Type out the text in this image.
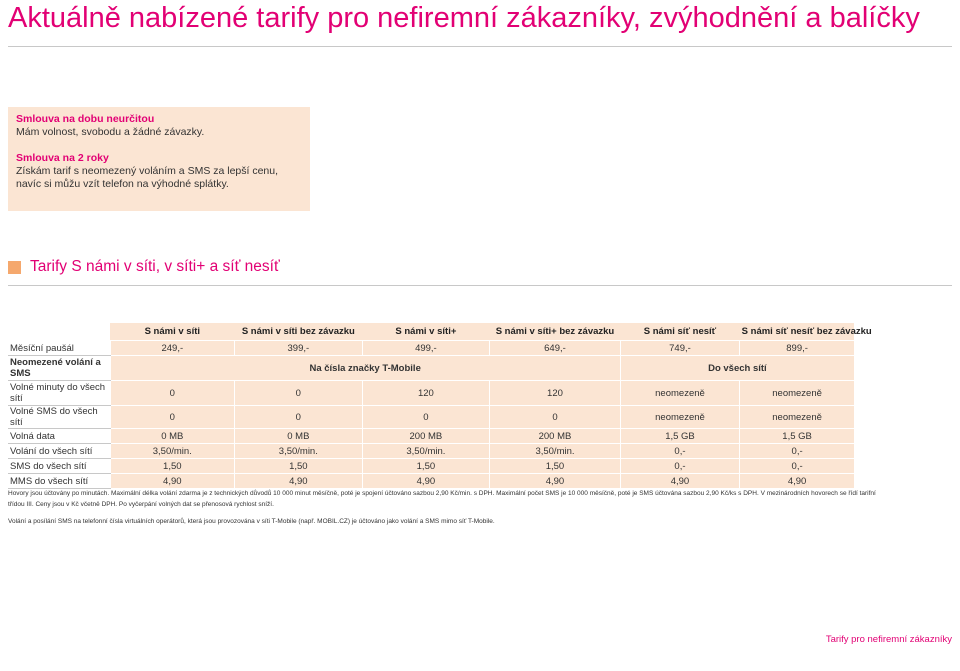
Aktuálně nabízené tarify pro nefiremní zákazníky, zvýhodnění a balíčky
Smlouva na dobu neurčitou
Mám volnost, svobodu a žádné závazky.
Smlouva na 2 roky
Získám tarif s neomezený voláním a SMS za lepší cenu, navíc si můžu vzít telefon na výhodné splátky.
Tarify S námi v síti, v síti+ a síť nesíť
	S námi v síti	S námi v síti bez závazku	S námi v síti+	S námi v síti+ bez závazku	S námi síť nesíť	S námi síť nesíť bez závazku
Měsíční paušál	249,-	399,-	499,-	649,-	749,-	899,-
Neomezené volání a SMS	Na čísla značky T-Mobile				Do všech sítí	
Volné minuty do všech sítí	0	0	120	120	neomezeně	neomezeně
Volné SMS do všech sítí	0	0	0	0	neomezeně	neomezeně
Volná data	0 MB	0 MB	200 MB	200 MB	1,5 GB	1,5 GB
Volání do všech sítí	3,50/min.	3,50/min.	3,50/min.	3,50/min.	0,-	0,-
SMS do všech sítí	1,50	1,50	1,50	1,50	0,-	0,-
MMS do všech sítí	4,90	4,90	4,90	4,90	4,90	4,90

Hovory jsou účtovány po minutách. Maximální délka volání zdarma je z technických důvodů 10 000 minut měsíčně, poté je spojení účtováno sazbou 2,90 Kč/min. s DPH. Maximální počet SMS je 10 000 měsíčně, poté je SMS účtována sazbou 2,90 Kč/ks s DPH. V mezinárodních hovorech se řídí tarifní třídou III. Ceny jsou v Kč včetně DPH. Po vyčerpání volných dat se přenosová rychlost sníží.

Volání a posílání SMS na telefonní čísla virtuálních operátorů, která jsou provozována v síti T-Mobile (např. MOBIL.CZ) je účtováno jako volání a SMS mimo síť T-Mobile.

Tarify pro nefiremní zákazníky
